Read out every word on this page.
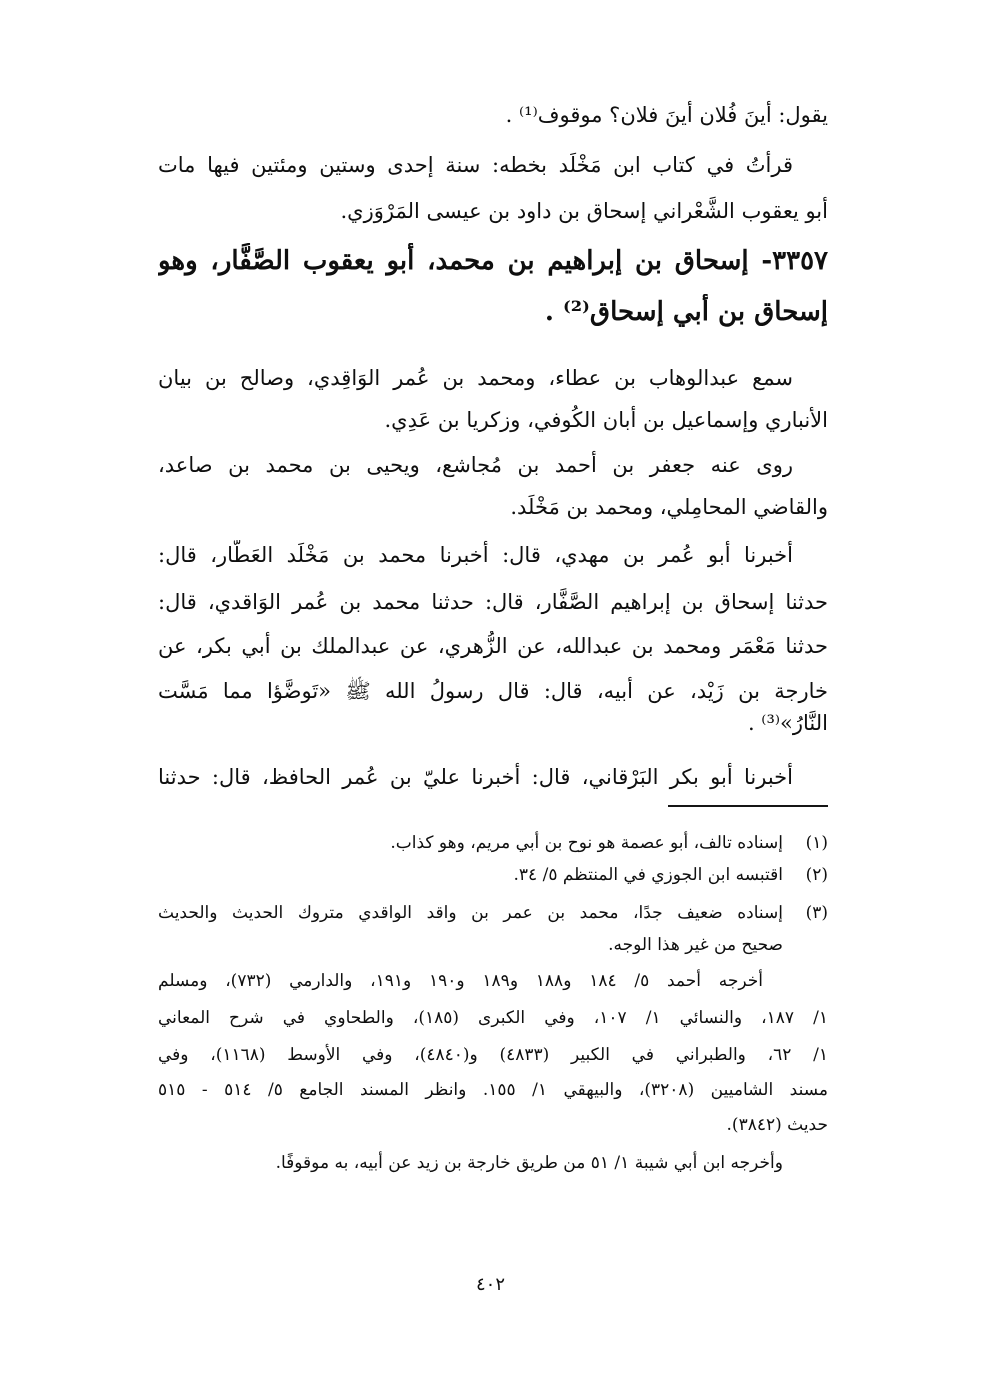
يقول: أينَ فُلان أينَ فلان؟ موقوف⁽¹⁾ .
قرأتُ في كتاب ابن مَخْلَد بخطه: سنة إحدى وستين ومئتين فيها مات
أبو يعقوب الشَّعْراني إسحاق بن داود بن عيسى المَرْوَزي.
٣٣٥٧- إسحاق بن إبراهيم بن محمد، أبو يعقوب الصَّفَّار، وهو
إسحاق بن أبي إسحاق⁽²⁾ .
سمع عبدالوهاب بن عطاء، ومحمد بن عُمر الوَاقِدي، وصالح بن بيان
الأنباري وإسماعيل بن أبان الكُوفي، وزكريا بن عَدِي.
روى عنه جعفر بن أحمد بن مُجاشع، ويحيى بن محمد بن صاعد،
والقاضي المحامِلي، ومحمد بن مَخْلَد.
أخبرنا أبو عُمر بن مهدي، قال: أخبرنا محمد بن مَخْلَد العَطَّار، قال:
حدثنا إسحاق بن إبراهيم الصَّفَّار، قال: حدثنا محمد بن عُمر الوَاقدي، قال:
حدثنا مَعْمَر ومحمد بن عبدالله، عن الزُّهري، عن عبدالملك بن أبي بكر، عن
خارجة بن زَيْد، عن أبيه، قال: قال رسولُ الله ﷺ «تَوضَّؤا مما مَسَّت
النَّارُ»⁽³⁾ .
أخبرنا أبو بكر البَرْقاني، قال: أخبرنا عليّ بن عُمر الحافظ، قال: حدثنا
(١)
إسناده تالف، أبو عصمة هو نوح بن أبي مريم، وهو كذاب.
(٢)
اقتبسه ابن الجوزي في المنتظم ٥/ ٣٤.
(٣)
إسناده ضعيف جدًا، محمد بن عمر بن واقد الواقدي متروك الحديث والحديث
صحيح من غير هذا الوجه.
أخرجه أحمد ٥/ ١٨٤ و١٨٨ و١٨٩ و١٩٠ و١٩١، والدارمي (٧٣٢)، ومسلم
١/ ١٨٧، والنسائي ١/ ١٠٧، وفي الكبرى (١٨٥)، والطحاوي في شرح المعاني
١/ ٦٢، والطبراني في الكبير (٤٨٣٣) و(٤٨٤٠)، وفي الأوسط (١١٦٨)، وفي
مسند الشاميين (٣٢٠٨)، والبيهقي ١/ ١٥٥. وانظر المسند الجامع ٥/ ٥١٤ - ٥١٥
حديث (٣٨٤٢).
وأخرجه ابن أبي شيبة ١/ ٥١ من طريق خارجة بن زيد عن أبيه، به موقوفًا.
٤٠٢
